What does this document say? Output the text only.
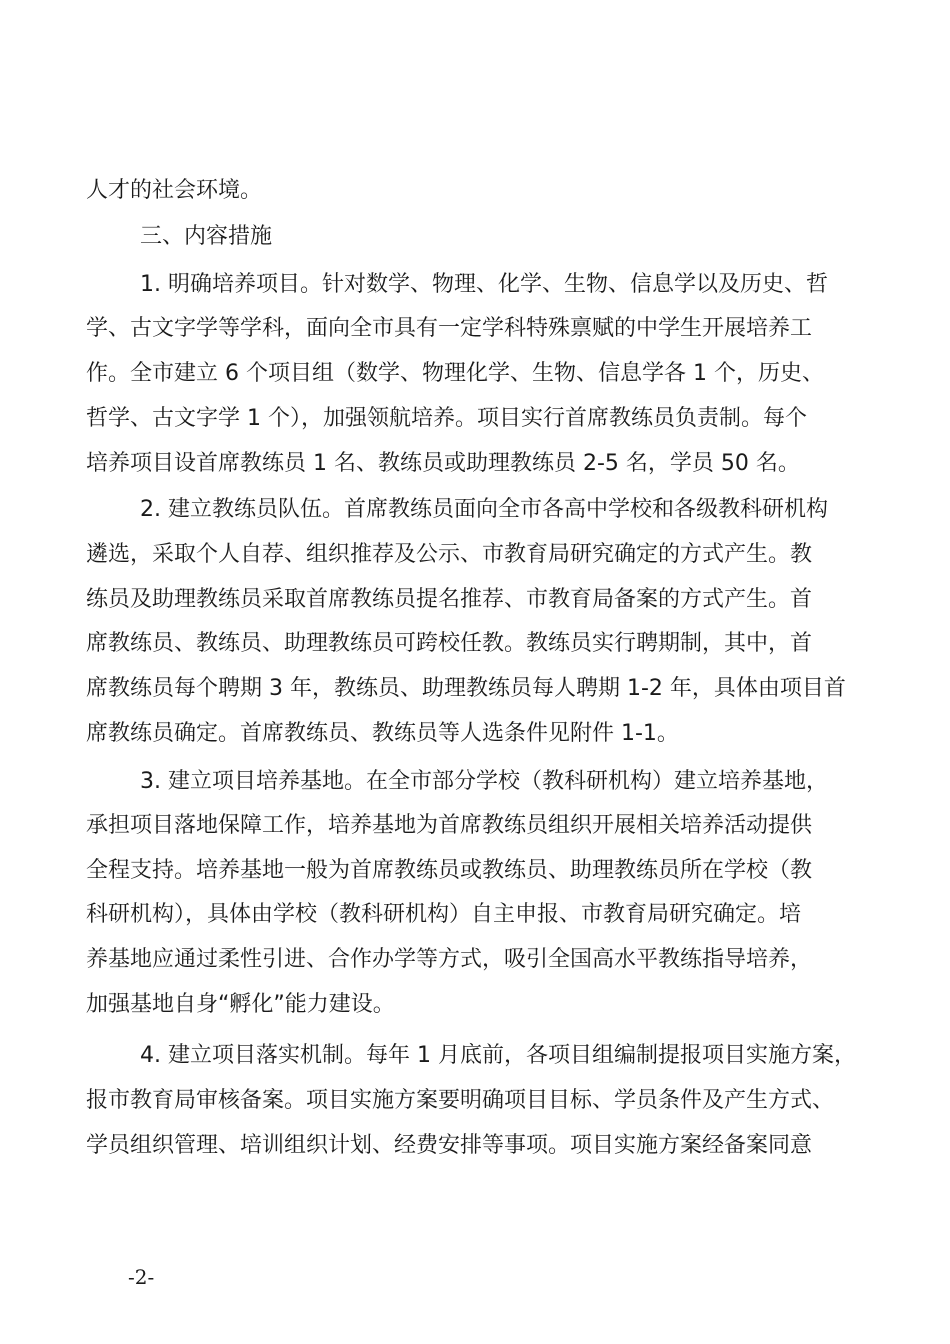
人才的社会环境。
三、内容措施
1. 明确培养项目。针对数学、物理、化学、生物、信息学以及历史、哲
学、古文字学等学科，面向全市具有一定学科特殊禀赋的中学生开展培养工
作。全市建立 6 个项目组（数学、物理化学、生物、信息学各 1 个，历史、
哲学、古文字学 1 个），加强领航培养。项目实行首席教练员负责制。每个
培养项目设首席教练员 1 名、教练员或助理教练员 2-5 名，学员 50 名。
2. 建立教练员队伍。首席教练员面向全市各高中学校和各级教科研机构
遴选，采取个人自荐、组织推荐及公示、市教育局研究确定的方式产生。教
练员及助理教练员采取首席教练员提名推荐、市教育局备案的方式产生。首
席教练员、教练员、助理教练员可跨校任教。教练员实行聘期制，其中，首
席教练员每个聘期 3 年，教练员、助理教练员每人聘期 1-2 年，具体由项目首
席教练员确定。首席教练员、教练员等人选条件见附件 1-1。
3. 建立项目培养基地。在全市部分学校（教科研机构）建立培养基地，
承担项目落地保障工作，培养基地为首席教练员组织开展相关培养活动提供
全程支持。培养基地一般为首席教练员或教练员、助理教练员所在学校（教
科研机构），具体由学校（教科研机构）自主申报、市教育局研究确定。培
养基地应通过柔性引进、合作办学等方式，吸引全国高水平教练指导培养，
加强基地自身“孵化”能力建设。
4. 建立项目落实机制。每年 1 月底前，各项目组编制提报项目实施方案，
报市教育局审核备案。项目实施方案要明确项目目标、学员条件及产生方式、
学员组织管理、培训组织计划、经费安排等事项。项目实施方案经备案同意
-2-
